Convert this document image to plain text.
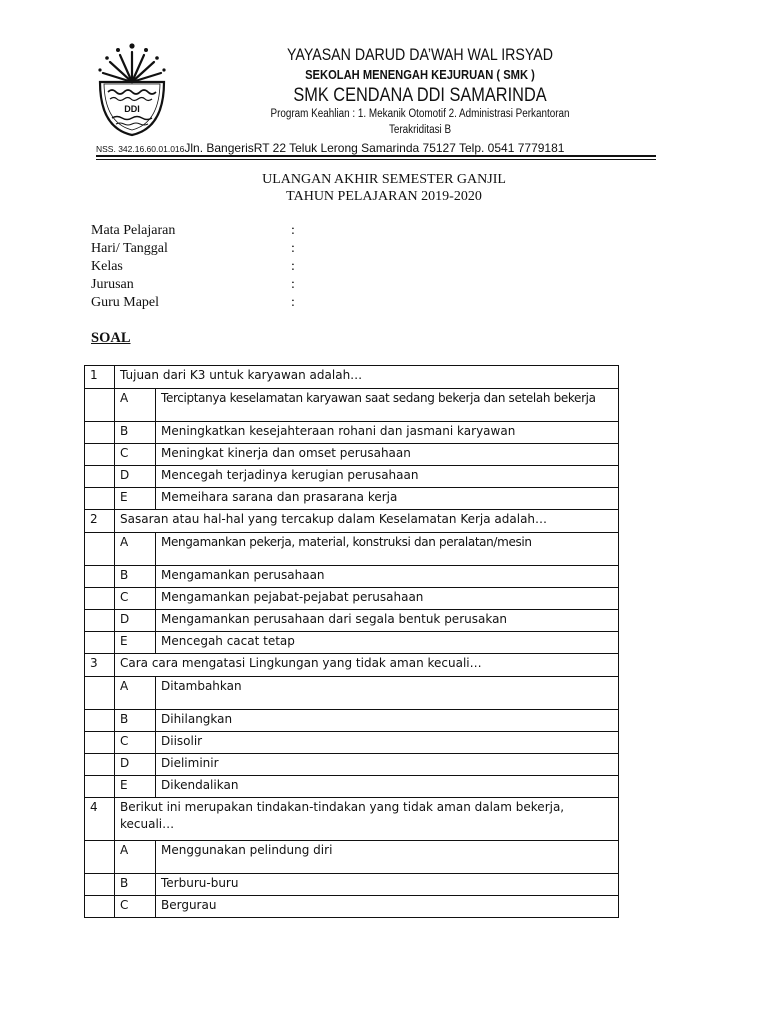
DDI
YAYASAN DARUD DA’WAH WAL IRSYAD
SEKOLAH MENENGAH KEJURUAN ( SMK )
SMK CENDANA DDI SAMARINDA
Program Keahlian : 1. Mekanik Otomotif 2. Administrasi Perkantoran
Terakriditasi B
NSS. 342.16.60.01.016Jln. BangerisRT 22 Teluk Lerong Samarinda 75127 Telp. 0541 7779181
ULANGAN AKHIR SEMESTER GANJIL
TAHUN PELAJARAN 2019-2020
Mata Pelajaran	:
Hari/ Tanggal	:
Kelas	:
Jurusan	:
Guru Mapel	:
SOAL
1	Tujuan dari K3 untuk karyawan adalah…	
	A	Terciptanya keselamatan karyawan saat sedang bekerja dan setelah bekerja
	B	Meningkatkan kesejahteraan rohani dan jasmani karyawan
	C	Meningkat kinerja dan omset perusahaan
	D	Mencegah terjadinya kerugian perusahaan
	E	Memeihara sarana dan prasarana kerja
2	Sasaran atau hal-hal yang tercakup dalam Keselamatan Kerja adalah…	
	A	Mengamankan pekerja, material, konstruksi dan peralatan/mesin
	B	Mengamankan perusahaan
	C	Mengamankan pejabat-pejabat perusahaan
	D	Mengamankan perusahaan dari segala bentuk perusakan
	E	Mencegah cacat tetap
3	Cara cara mengatasi Lingkungan yang tidak aman kecuali…	
	A	Ditambahkan
	B	Dihilangkan
	C	Diisolir
	D	Dieliminir
	E	Dikendalikan
4	Berikut ini merupakan tindakan-tindakan yang tidak aman dalam bekerja, kecuali…	
	A	Menggunakan pelindung diri
	B	Terburu-buru
	C	Bergurau
